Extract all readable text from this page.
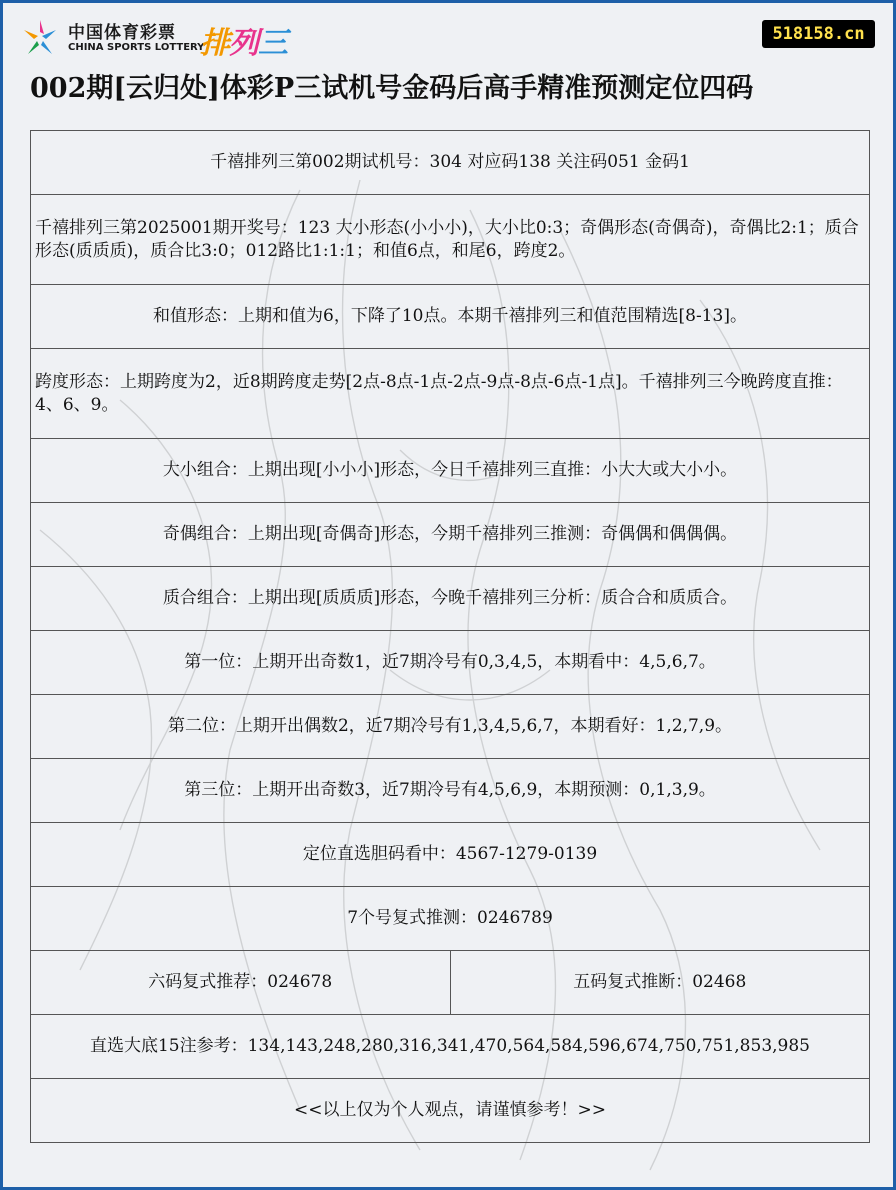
中国体育彩票
CHINA SPORTS LOTTERY
排列三	518158.cn
002期[云归处]体彩P三试机号金码后高手精准预测定位四码
千禧排列三第002期试机号：304 对应码138 关注码051 金码1
千禧排列三第2025001期开奖号：123 大小形态(小小小)，大小比0:3；奇偶形态(奇偶奇)，奇偶比2:1；质合形态(质质质)，质合比3:0；012路比1:1:1；和值6点，和尾6，跨度2。
和值形态：上期和值为6，下降了10点。本期千禧排列三和值范围精选[8-13]。
跨度形态：上期跨度为2，近8期跨度走势[2点-8点-1点-2点-9点-8点-6点-1点]。千禧排列三今晚跨度直推：4、6、9。
大小组合：上期出现[小小小]形态，今日千禧排列三直推：小大大或大小小。
奇偶组合：上期出现[奇偶奇]形态，今期千禧排列三推测：奇偶偶和偶偶偶。
质合组合：上期出现[质质质]形态，今晚千禧排列三分析：质合合和质质合。
第一位：上期开出奇数1，近7期冷号有0,3,4,5，本期看中：4,5,6,7。
第二位：上期开出偶数2，近7期冷号有1,3,4,5,6,7，本期看好：1,2,7,9。
第三位：上期开出奇数3，近7期冷号有4,5,6,9，本期预测：0,1,3,9。
定位直选胆码看中：4567-1279-0139
7个号复式推测：0246789
六码复式推荐：024678	五码复式推断：02468
直选大底15注参考：134,143,248,280,316,341,470,564,584,596,674,750,751,853,985
<<以上仅为个人观点，请谨慎参考！>>
